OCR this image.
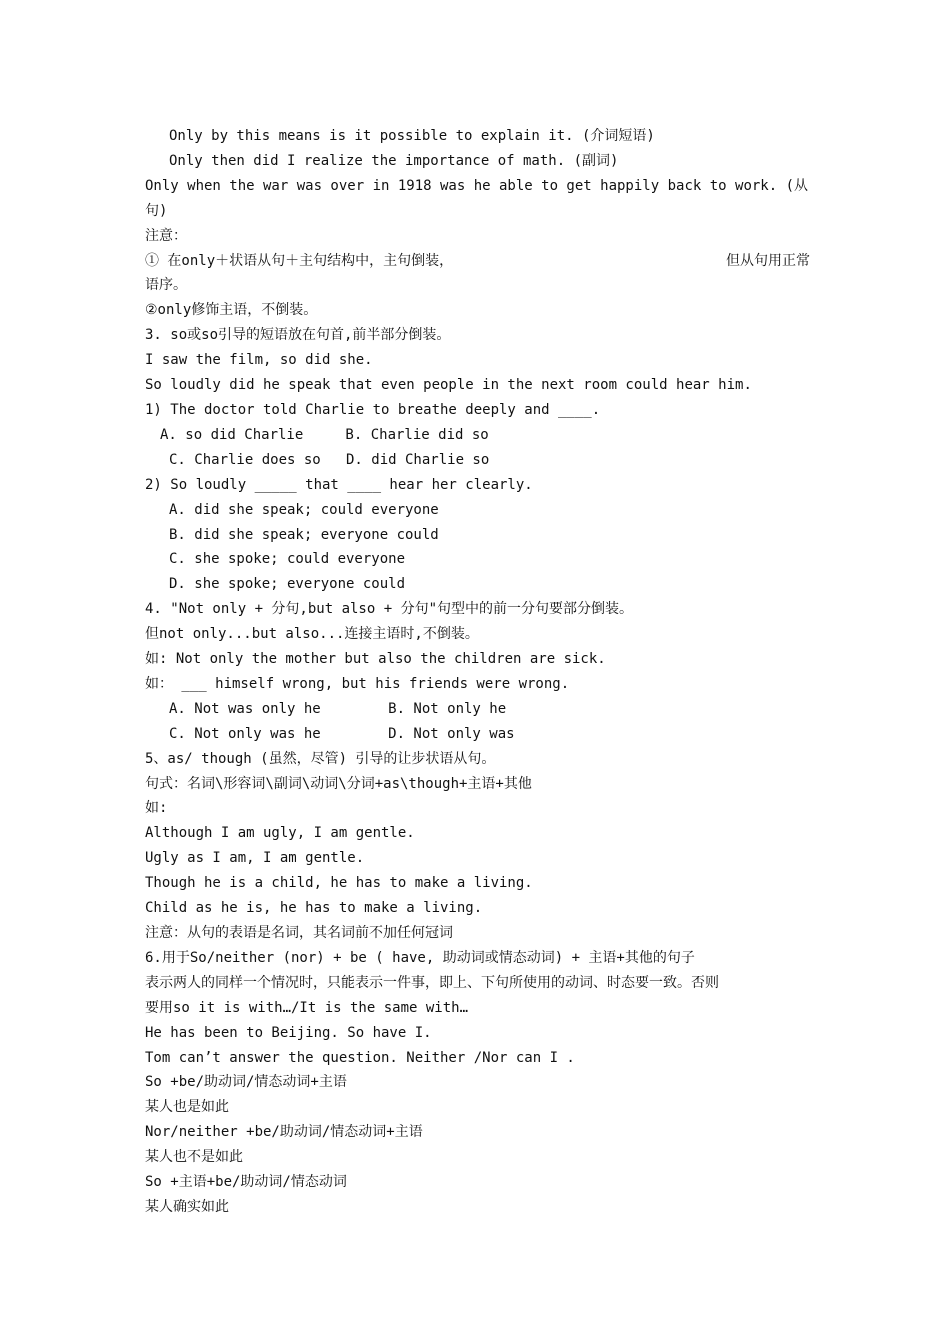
Only by this means is it possible to explain it. (介词短语)
Only then did I realize the importance of math. (副词)
Only when the war was over in 1918 was he able to get happily back to work. (从
句)
注意：
① 在only＋状语从句＋主句结构中，主句倒装，	但从句用正常
语序。
②only修饰主语，不倒装。
3. so或so引导的短语放在句首,前半部分倒装。
I saw the film, so did she.
So loudly did he speak that even people in the next room could hear him.
1) The doctor told Charlie to breathe deeply and ____.
A. so did Charlie     B. Charlie did so
C. Charlie does so   D. did Charlie so
2) So loudly _____ that ____ hear her clearly.
A. did she speak; could everyone
B. did she speak; everyone could
C. she spoke; could everyone
D. she spoke; everyone could
4. "Not only + 分句,but also + 分句"句型中的前一分句要部分倒装。
但not only...but also...连接主语时,不倒装。
如: Not only the mother but also the children are sick.
如： ___ himself wrong, but his friends were wrong.
A. Not was only he        B. Not only he
C. Not only was he        D. Not only was
5、as/ though (虽然，尽管) 引导的让步状语从句。
句式：名词\形容词\副词\动词\分词+as\though+主语+其他
如:
Although I am ugly, I am gentle.
Ugly as I am, I am gentle.
Though he is a child, he has to make a living.
Child as he is, he has to make a living.
注意：从句的表语是名词，其名词前不加任何冠词
6.用于So/neither (nor) + be ( have, 助动词或情态动词) + 主语+其他的句子
表示两人的同样一个情况时，只能表示一件事，即上、下句所使用的动词、时态要一致。否则
要用so it is with…/It is the same with…
He has been to Beijing. So have I.
Tom can’t answer the question. Neither /Nor can I .
So +be/助动词/情态动词+主语
某人也是如此
Nor/neither +be/助动词/情态动词+主语
某人也不是如此
So +主语+be/助动词/情态动词
某人确实如此
